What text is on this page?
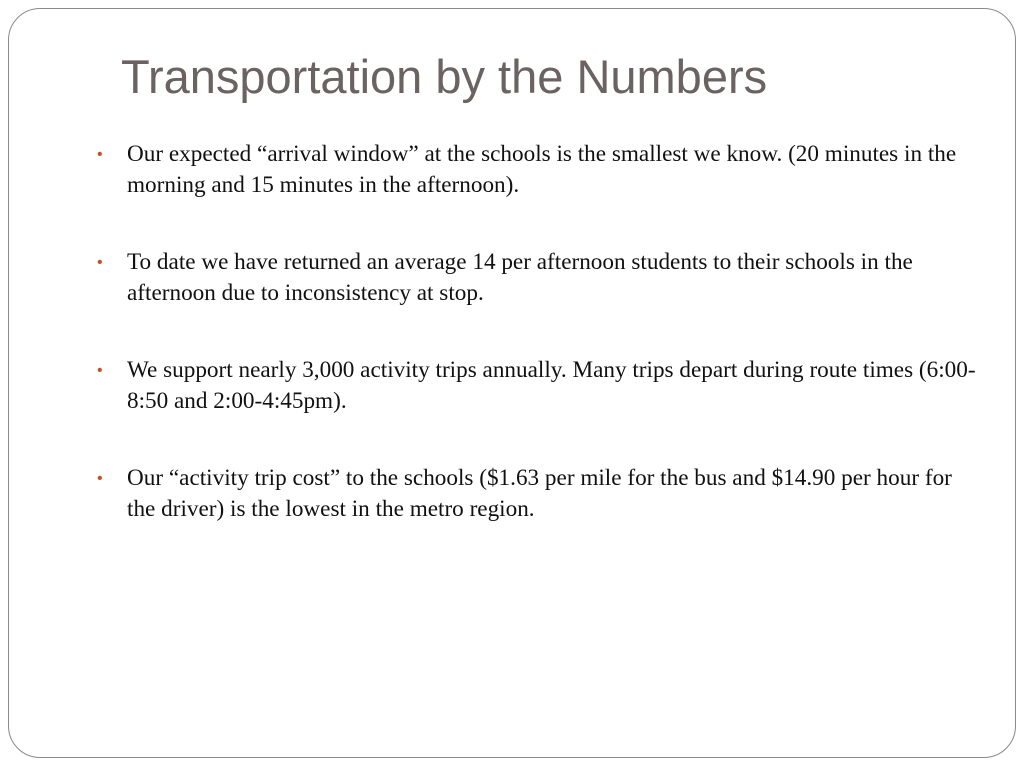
Transportation by the Numbers
• Our expected “arrival window” at the schools is the smallest we know. (20 minutes in the morning and 15 minutes in the afternoon).
• To date we have returned an average 14 per afternoon students to their schools in the afternoon due to inconsistency at stop.
• We support nearly 3,000 activity trips annually. Many trips depart during route times (6:00-8:50 and 2:00-4:45pm).
• Our “activity trip cost” to the schools ($1.63 per mile for the bus and $14.90 per hour for the driver) is the lowest in the metro region.
